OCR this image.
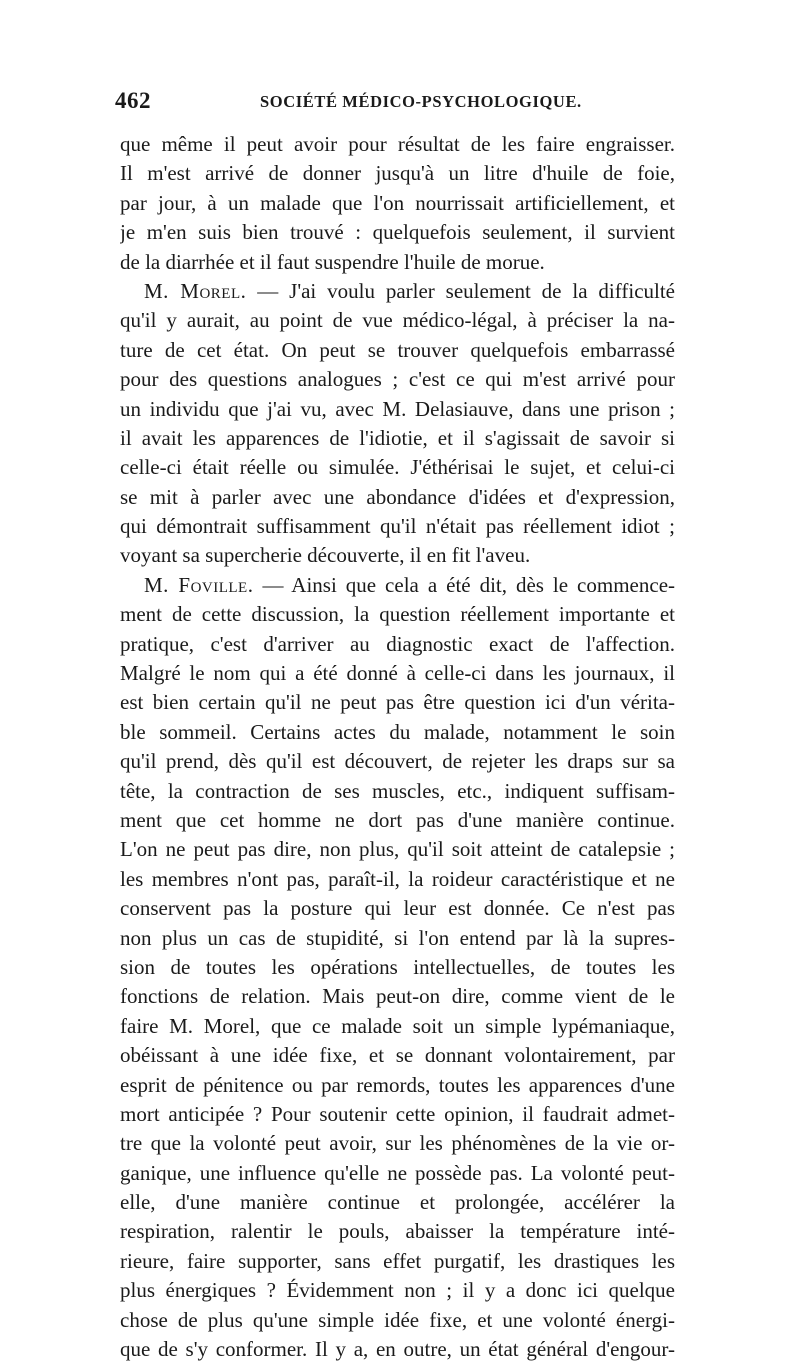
462	SOCIÉTÉ MÉDICO-PSYCHOLOGIQUE.
que même il peut avoir pour résultat de les faire engraisser.
Il m'est arrivé de donner jusqu'à un litre d'huile de foie,
par jour, à un malade que l'on nourrissait artificiellement, et
je m'en suis bien trouvé : quelquefois seulement, il survient
de la diarrhée et il faut suspendre l'huile de morue.
M. Morel. — J'ai voulu parler seulement de la difficulté
qu'il y aurait, au point de vue médico-légal, à préciser la na-
ture de cet état. On peut se trouver quelquefois embarrassé
pour des questions analogues ; c'est ce qui m'est arrivé pour
un individu que j'ai vu, avec M. Delasiauve, dans une prison ;
il avait les apparences de l'idiotie, et il s'agissait de savoir si
celle-ci était réelle ou simulée. J'éthérisai le sujet, et celui-ci
se mit à parler avec une abondance d'idées et d'expression,
qui démontrait suffisamment qu'il n'était pas réellement idiot ;
voyant sa supercherie découverte, il en fit l'aveu.
M. Foville. — Ainsi que cela a été dit, dès le commence-
ment de cette discussion, la question réellement importante et
pratique, c'est d'arriver au diagnostic exact de l'affection.
Malgré le nom qui a été donné à celle-ci dans les journaux, il
est bien certain qu'il ne peut pas être question ici d'un vérita-
ble sommeil. Certains actes du malade, notamment le soin
qu'il prend, dès qu'il est découvert, de rejeter les draps sur sa
tête, la contraction de ses muscles, etc., indiquent suffisam-
ment que cet homme ne dort pas d'une manière continue.
L'on ne peut pas dire, non plus, qu'il soit atteint de catalepsie ;
les membres n'ont pas, paraît-il, la roideur caractéristique et ne
conservent pas la posture qui leur est donnée. Ce n'est pas
non plus un cas de stupidité, si l'on entend par là la supres-
sion de toutes les opérations intellectuelles, de toutes les
fonctions de relation. Mais peut-on dire, comme vient de le
faire M. Morel, que ce malade soit un simple lypémaniaque,
obéissant à une idée fixe, et se donnant volontairement, par
esprit de pénitence ou par remords, toutes les apparences d'une
mort anticipée ? Pour soutenir cette opinion, il faudrait admet-
tre que la volonté peut avoir, sur les phénomènes de la vie or-
ganique, une influence qu'elle ne possède pas. La volonté peut-
elle, d'une manière continue et prolongée, accélérer la
respiration, ralentir le pouls, abaisser la température inté-
rieure, faire supporter, sans effet purgatif, les drastiques les
plus énergiques ? Évidemment non ; il y a donc ici quelque
chose de plus qu'une simple idée fixe, et une volonté énergi-
que de s'y conformer. Il y a, en outre, un état général d'engour-
